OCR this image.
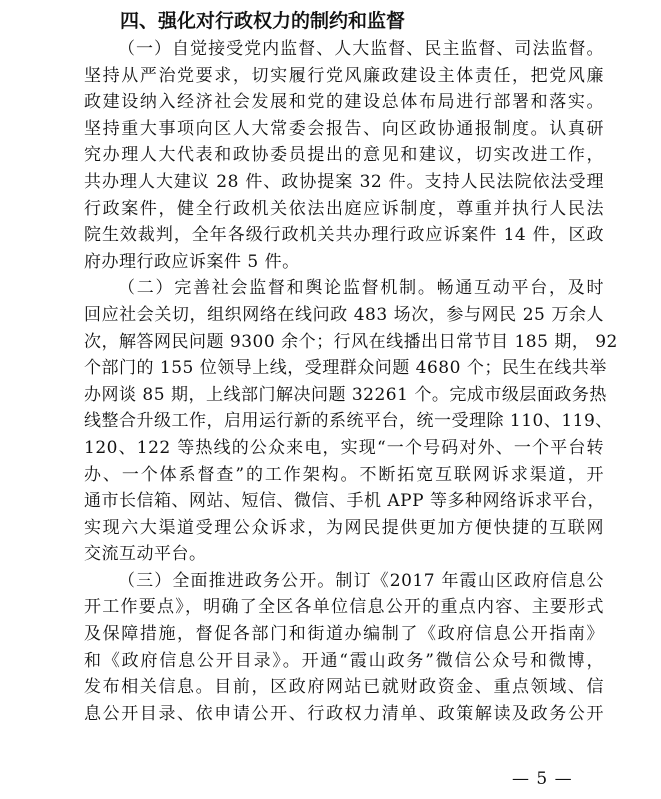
四、强化对行政权力的制约和监督
（一）自觉接受党内监督、人大监督、民主监督、司法监督。
坚持从严治党要求，切实履行党风廉政建设主体责任，把党风廉
政建设纳入经济社会发展和党的建设总体布局进行部署和落实。
坚持重大事项向区人大常委会报告、向区政协通报制度。认真研
究办理人大代表和政协委员提出的意见和建议，切实改进工作，
共办理人大建议 28 件、政协提案 32 件。支持人民法院依法受理
行政案件，健全行政机关依法出庭应诉制度，尊重并执行人民法
院生效裁判，全年各级行政机关共办理行政应诉案件 14 件，区政
府办理行政应诉案件 5 件。
（二）完善社会监督和舆论监督机制。畅通互动平台，及时
回应社会关切，组织网络在线问政 483 场次，参与网民 25 万余人
次，解答网民问题 9300 余个；行风在线播出日常节目 185 期， 92
个部门的 155 位领导上线，受理群众问题 4680 个；民生在线共举
办网谈 85 期，上线部门解决问题 32261 个。完成市级层面政务热
线整合升级工作，启用运行新的系统平台，统一受理除 110、119、
120、122 等热线的公众来电，实现“一个号码对外、一个平台转
办、一个体系督查”的工作架构。不断拓宽互联网诉求渠道，开
通市长信箱、网站、短信、微信、手机 APP 等多种网络诉求平台，
实现六大渠道受理公众诉求，为网民提供更加方便快捷的互联网
交流互动平台。
（三）全面推进政务公开。制订《2017 年霞山区政府信息公
开工作要点》，明确了全区各单位信息公开的重点内容、主要形式
及保障措施，督促各部门和街道办编制了《政府信息公开指南》
和《政府信息公开目录》。开通“霞山政务”微信公众号和微博，
发布相关信息。目前，区政府网站已就财政资金、重点领域、信
息公开目录、依申请公开、行政权力清单、政策解读及政务公开
— 5 —
